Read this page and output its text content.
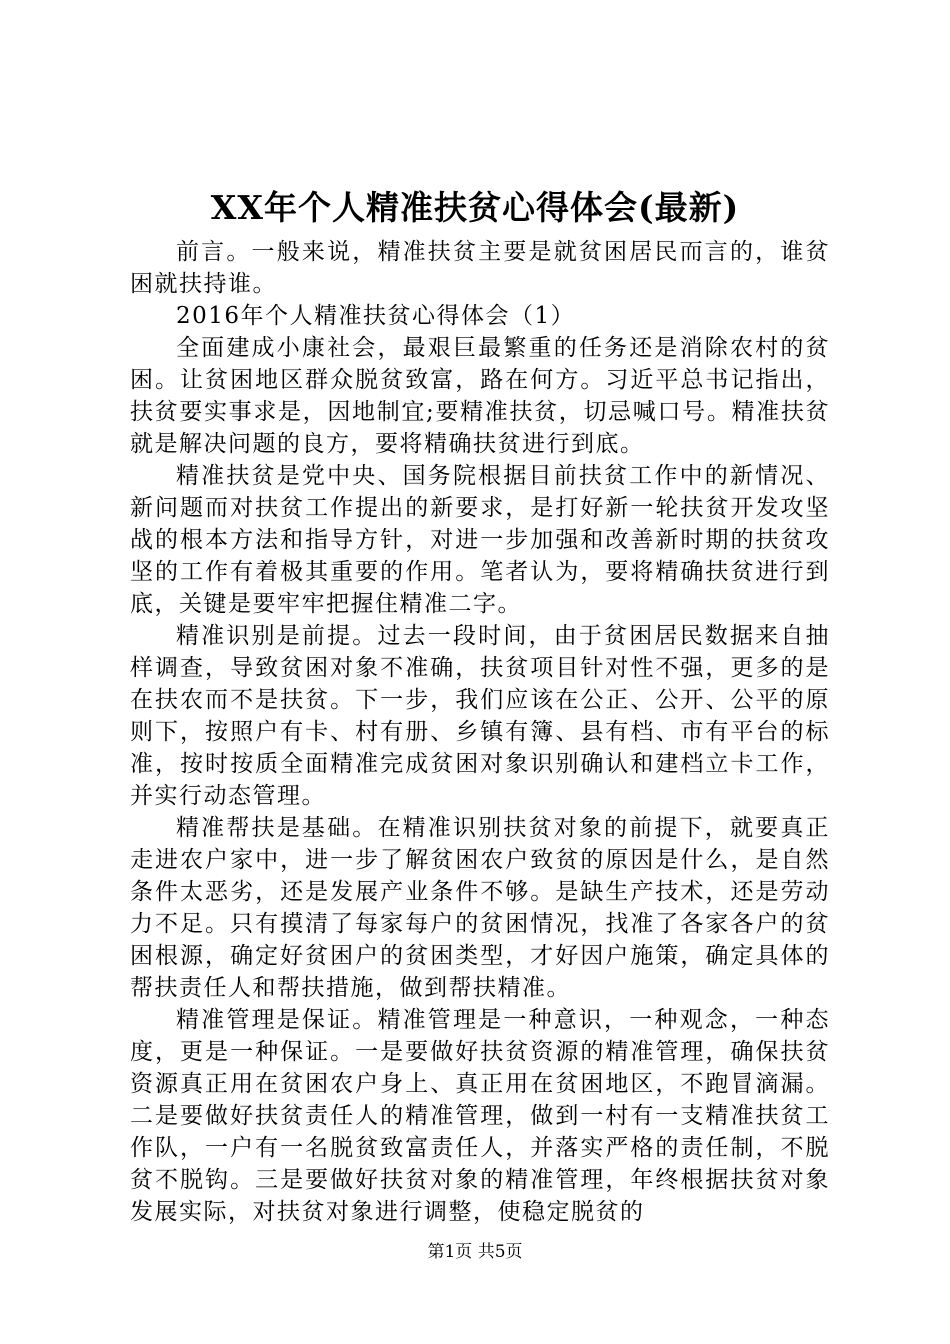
XX年个人精准扶贫心得体会(最新)

前言。一般来说，精准扶贫主要是就贫困居民而言的，谁贫困就扶持谁。

2016年个人精准扶贫心得体会（1）

全面建成小康社会，最艰巨最繁重的任务还是消除农村的贫困。让贫困地区群众脱贫致富，路在何方。习近平总书记指出，扶贫要实事求是，因地制宜;要精准扶贫，切忌喊口号。精准扶贫就是解决问题的良方，要将精确扶贫进行到底。

精准扶贫是党中央、国务院根据目前扶贫工作中的新情况、新问题而对扶贫工作提出的新要求，是打好新一轮扶贫开发攻坚战的根本方法和指导方针，对进一步加强和改善新时期的扶贫攻坚的工作有着极其重要的作用。笔者认为，要将精确扶贫进行到底，关键是要牢牢把握住精准二字。

精准识别是前提。过去一段时间，由于贫困居民数据来自抽样调查，导致贫困对象不准确，扶贫项目针对性不强，更多的是在扶农而不是扶贫。下一步，我们应该在公正、公开、公平的原则下，按照户有卡、村有册、乡镇有簿、县有档、市有平台的标准，按时按质全面精准完成贫困对象识别确认和建档立卡工作，并实行动态管理。

精准帮扶是基础。在精准识别扶贫对象的前提下，就要真正走进农户家中，进一步了解贫困农户致贫的原因是什么，是自然条件太恶劣，还是发展产业条件不够。是缺生产技术，还是劳动力不足。只有摸清了每家每户的贫困情况，找准了各家各户的贫困根源，确定好贫困户的贫困类型，才好因户施策，确定具体的帮扶责任人和帮扶措施，做到帮扶精准。

精准管理是保证。精准管理是一种意识，一种观念，一种态度，更是一种保证。一是要做好扶贫资源的精准管理，确保扶贫资源真正用在贫困农户身上、真正用在贫困地区，不跑冒滴漏。二是要做好扶贫责任人的精准管理，做到一村有一支精准扶贫工作队，一户有一名脱贫致富责任人，并落实严格的责任制，不脱贫不脱钩。三是要做好扶贫对象的精准管理，年终根据扶贫对象发展实际，对扶贫对象进行调整，使稳定脱贫的

第1页 共5页
